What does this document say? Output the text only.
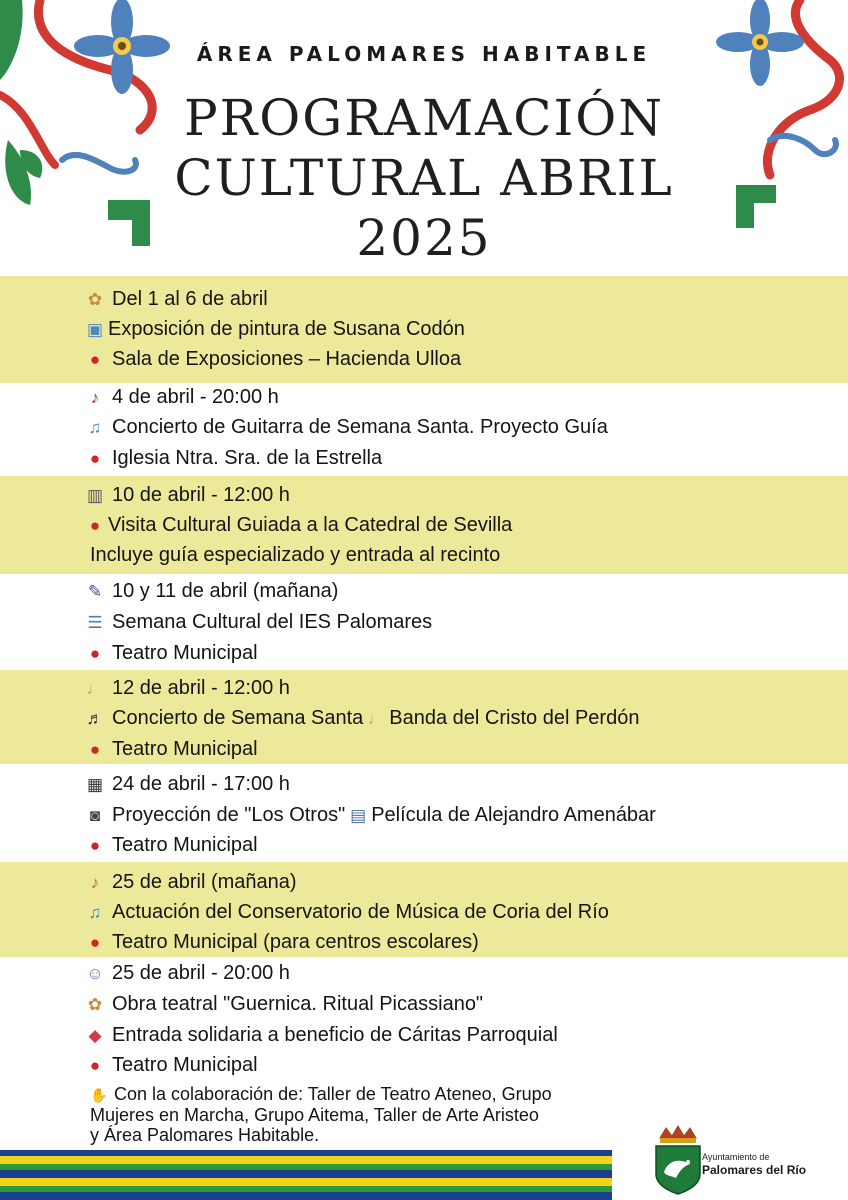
ÁREA PALOMARES HABITABLE
PROGRAMACIÓN
CULTURAL ABRIL
2025
✿ Del 1 al 6 de abril
▣ Exposición de pintura de Susana Codón
● Sala de Exposiciones – Hacienda Ulloa
♪ 4 de abril - 20:00 h
♫ Concierto de Guitarra de Semana Santa. Proyecto Guía
● Iglesia Ntra. Sra. de la Estrella
▥ 10 de abril - 12:00 h
● Visita Cultural Guiada a la Catedral de Sevilla
Incluye guía especializado y entrada al recinto
✎ 10 y 11 de abril (mañana)
☰ Semana Cultural del IES Palomares
● Teatro Municipal
♩ 12 de abril - 12:00 h
♬ Concierto de Semana Santa ♩ Banda del Cristo del Perdón
● Teatro Municipal
▦ 24 de abril - 17:00 h
◙ Proyección de "Los Otros" ▤ Película de Alejandro Amenábar
● Teatro Municipal
♪ 25 de abril (mañana)
♫ Actuación del Conservatorio de Música de Coria del Río
● Teatro Municipal (para centros escolares)
☺ 25 de abril - 20:00 h
✿ Obra teatral "Guernica. Ritual Picassiano"
◆ Entrada solidaria a beneficio de Cáritas Parroquial
● Teatro Municipal
✋ Con la colaboración de: Taller de Teatro Ateneo, Grupo
Mujeres en Marcha, Grupo Aitema, Taller de Arte Aristeo
y Área Palomares Habitable.
Ayuntamiento de
Palomares del Río
